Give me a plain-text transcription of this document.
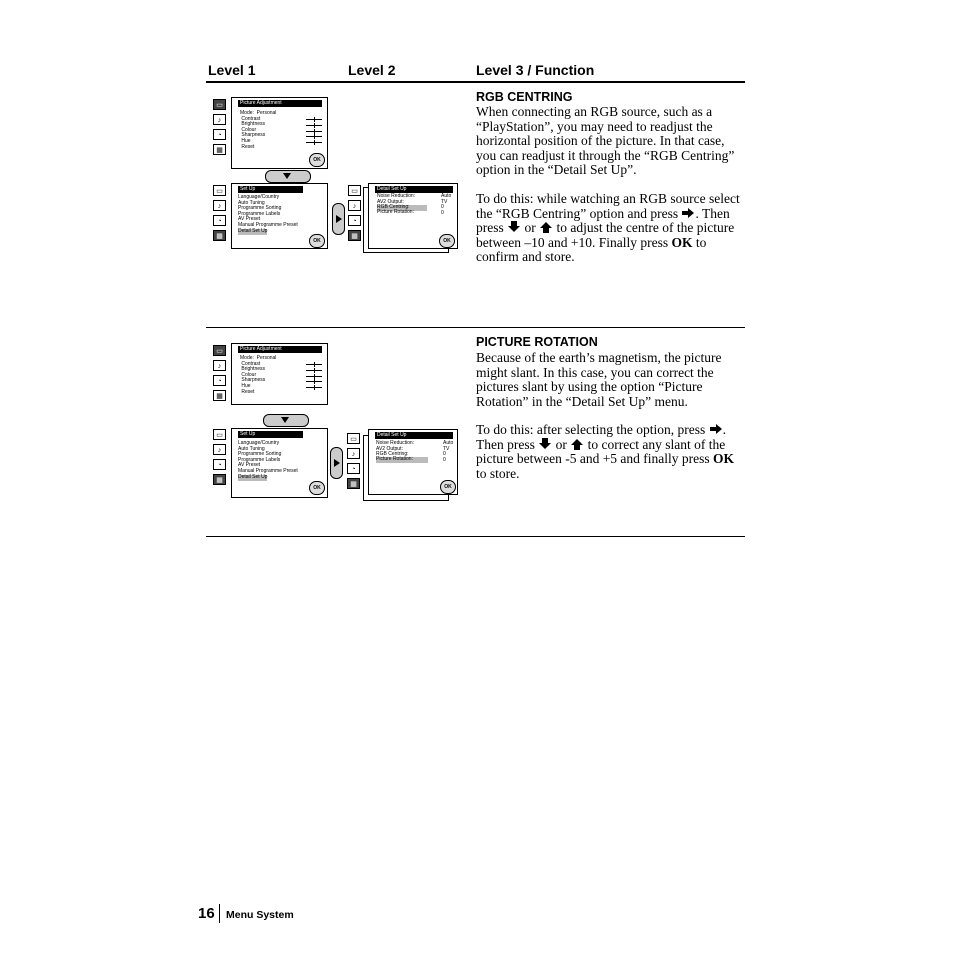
Level 1	Level 2	Level 3 / Function
▭
♪
◔
▦
Picture Adjustment
Mode:  Personal
Contrast
Brightness
Colour
Sharpness
Hue
Reset
OK
▭
♪
◔
▦
Set Up
Language/Country
Auto Tuning
Programme Sorting
Programme Labels
AV Preset
Manual Programme Preset
Detail Set Up
OK
▭
♪
◔
▦
Detail Set Up
Noise Reduction:
AV2 Output:
RGB Centring:
Picture Rotation:
Auto
TV
0
0
OK
RGB CENTRING
When connecting an RGB source, such as a “PlayStation”, you may need to readjust the horizontal position of the picture. In that case, you can readjust it through the “RGB Centring” option in the “Detail Set Up”.
To do this: while watching an RGB source select the “RGB Centring” option and press . Then press or to adjust the centre of the picture between –10 and +10. Finally press OK to confirm and store.
▭
♪
◔
▦
Picture Adjustment
Mode:  Personal
Contrast
Brightness
Colour
Sharpness
Hue
Reset
▭
♪
◔
▦
Set Up
Language/Country
Auto Tuning
Programme Sorting
Programme Labels
AV Preset
Manual Programme Preset
Detail Set Up
OK
▭
♪
◔
▦
Detail Set Up
Noise Reduction:
AV2 Output:
RGB Centring:
Picture Rotation:
Auto
TV
0
0
OK
PICTURE ROTATION
Because of the earth’s magnetism, the picture might slant. In this case, you can correct the pictures slant by using the option “Picture Rotation” in the “Detail Set Up” menu.
To do this: after selecting the option, press . Then press or to correct any slant of the picture between -5 and +5 and finally press OK to store.
16 Menu System
